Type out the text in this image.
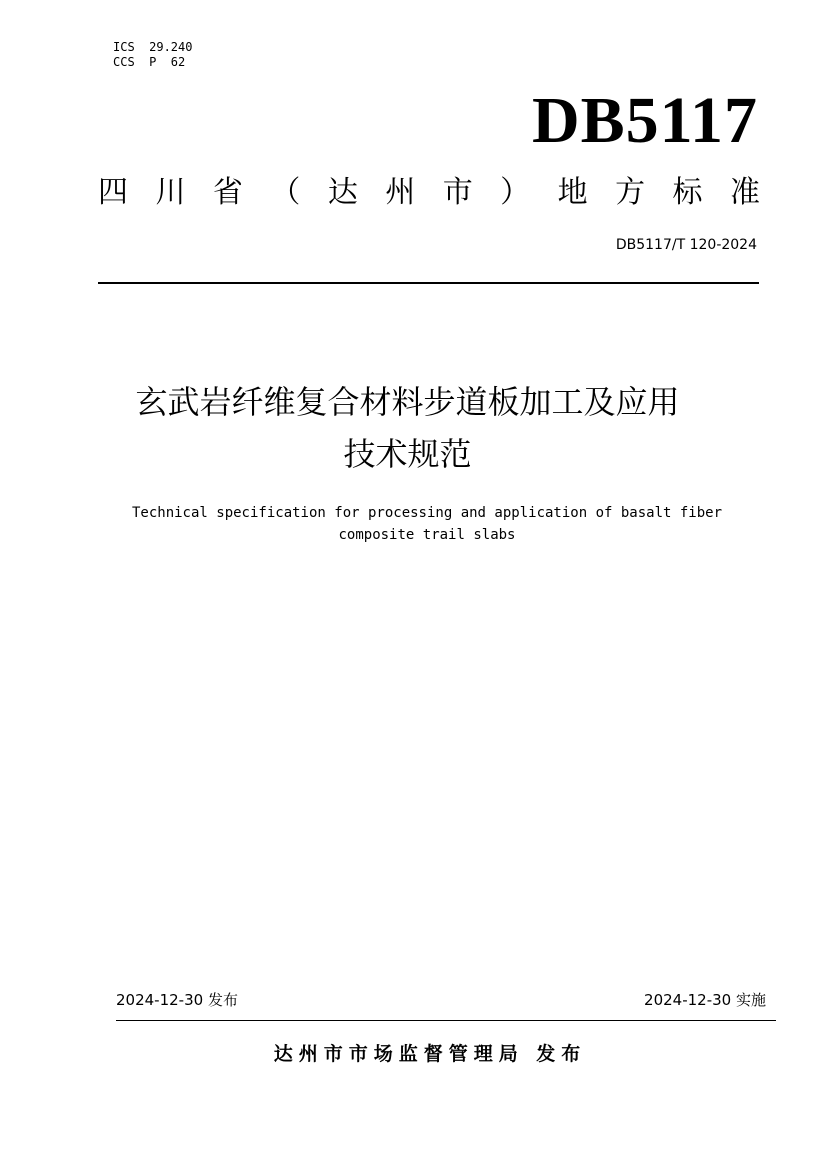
ICS  29.240
CCS  P  62
DB5117
四 川 省 （ 达 州 市 ） 地 方 标 准
DB5117/T 120-2024
玄武岩纤维复合材料步道板加工及应用
技术规范
Technical specification for processing and application of basalt fiber
composite trail slabs
2024-12-30 发布	2024-12-30 实施
达州市市场监督管理局 发布
